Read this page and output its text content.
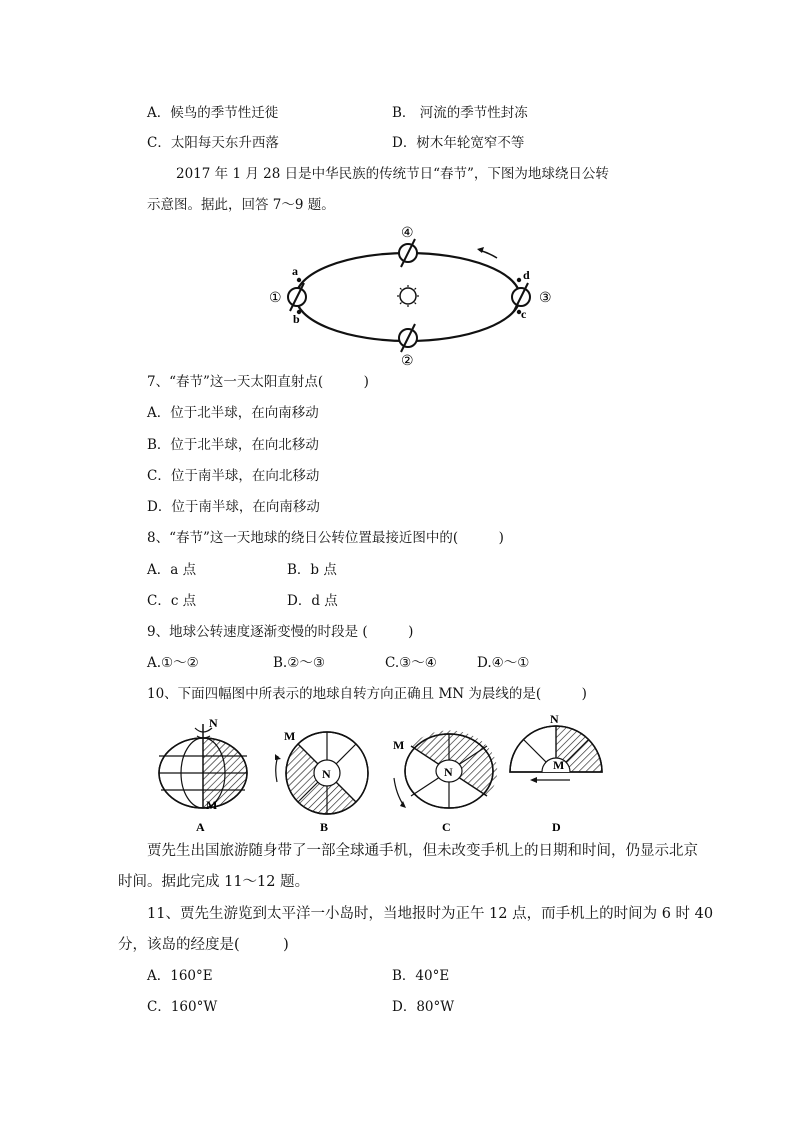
A．候鸟的季节性迁徙	B． 河流的季节性封冻
C．太阳每天东升西落	D．树木年轮宽窄不等
2017 年 1 月 28 日是中华民族的传统节日“春节”，下图为地球绕日公转
示意图。据此，回答 7～9 题。
①
②
③
④
a
b	c
d
7、“春节”这一天太阳直射点(　　　)
A．位于北半球，在向南移动
B．位于北半球，在向北移动
C．位于南半球，在向北移动
D．位于南半球，在向南移动
8、“春节”这一天地球的绕日公转位置最接近图中的(　　　)
A．a 点	B．b 点
C．c 点	D．d 点
9、地球公转速度逐渐变慢的时段是 (　　　)
A.①～②	B.②～③	C.③～④	D.④～①
10、下面四幅图中所表示的地球自转方向正确且 MN 为晨线的是(　　　)
N
M
A
N
M
B
N
M
C
N
M
D
贾先生出国旅游随身带了一部全球通手机，但未改变手机上的日期和时间，仍显示北京
时间。据此完成 11～12 题。
11、贾先生游览到太平洋一小岛时，当地报时为正午 12 点，而手机上的时间为 6 时 40
分，该岛的经度是(　　　)
A．160°E	B．40°E
C．160°W	D．80°W
